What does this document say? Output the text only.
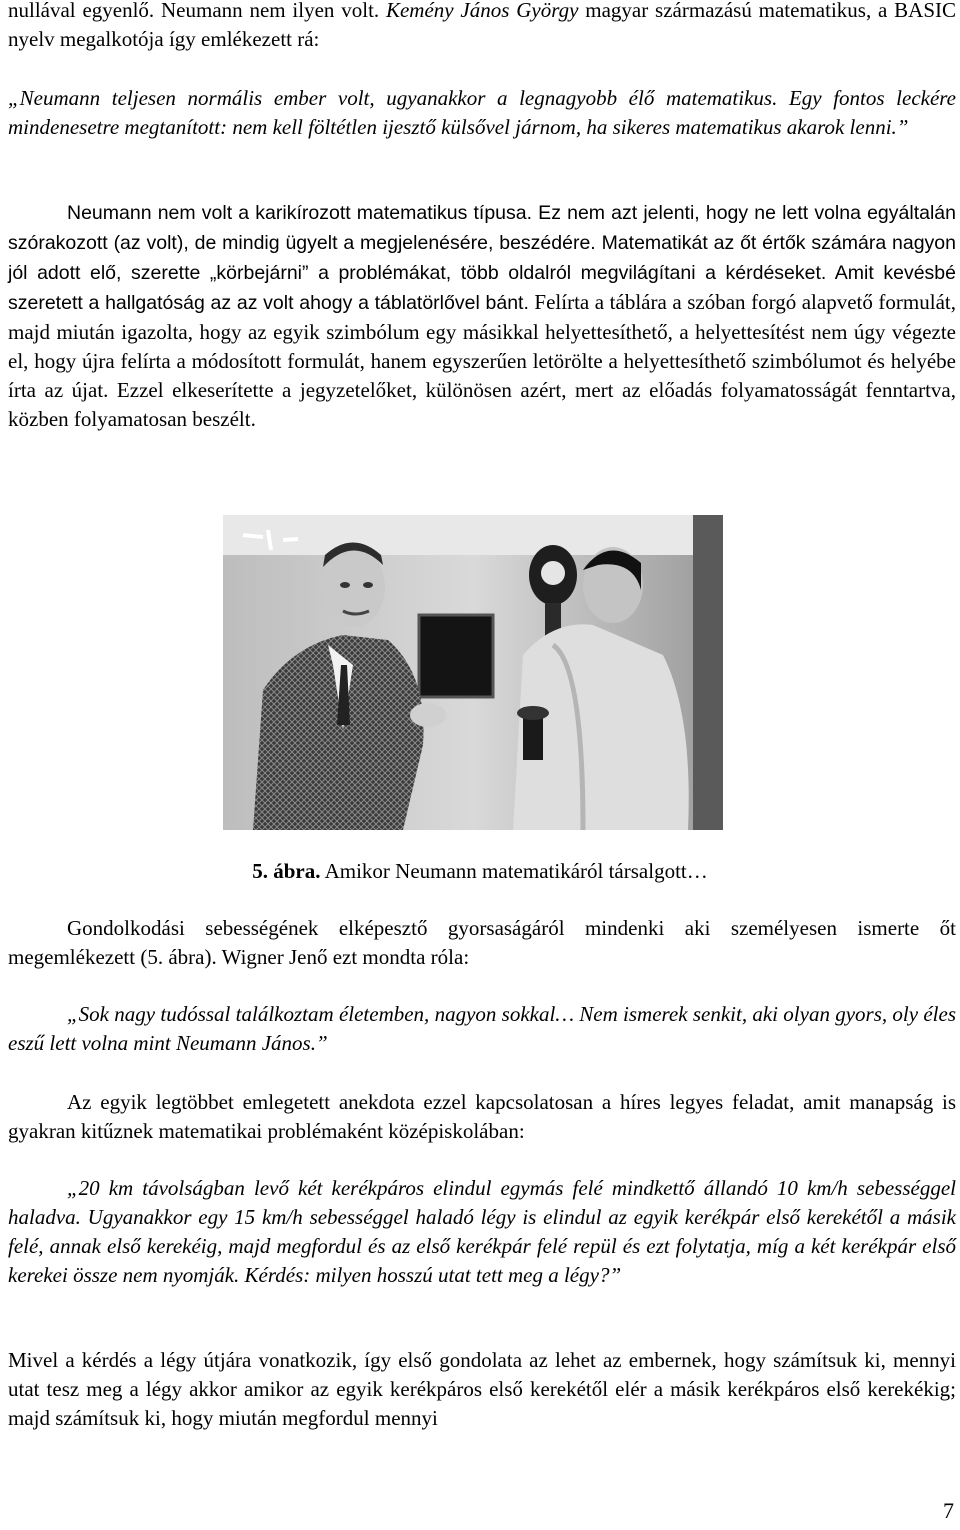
nullával egyenlő. Neumann nem ilyen volt. Kemény János György magyar származású matematikus, a BASIC nyelv megalkotója így emlékezett rá:

„Neumann teljesen normális ember volt, ugyanakkor a legnagyobb élő matematikus. Egy fontos leckére mindenesetre megtanított: nem kell föltétlen ijesztő külsővel járnom, ha sikeres matematikus akarok lenni.”

Neumann nem volt a karikírozott matematikus típusa. Ez nem azt jelenti, hogy ne lett volna egyáltalán szórakozott (az volt), de mindig ügyelt a megjelenésére, beszédére. Matematikát az őt értők számára nagyon jól adott elő, szerette „körbejárni” a problémákat, több oldalról megvilágítani a kérdéseket. Amit kevésbé szeretett a hallgatóság az az volt ahogy a táblatörlővel bánt. Felírta a táblára a szóban forgó alapvető formulát, majd miután igazolta, hogy az egyik szimbólum egy másikkal helyettesíthető, a helyettesítést nem úgy végezte el, hogy újra felírta a módosított formulát, hanem egyszerűen letörölte a helyettesíthető szimbólumot és helyébe írta az újat. Ezzel elkeserítette a jegyzetelőket, különösen azért, mert az előadás folyamatosságát fenntartva, közben folyamatosan beszélt.

5. ábra. Amikor Neumann matematikáról társalgott…

Gondolkodási sebességének elképesztő gyorsaságáról mindenki aki személyesen ismerte őt megemlékezett (5. ábra). Wigner Jenő ezt mondta róla:

„Sok nagy tudóssal találkoztam életemben, nagyon sokkal… Nem ismerek senkit, aki olyan gyors, oly éles eszű lett volna mint Neumann János.”

Az egyik legtöbbet emlegetett anekdota ezzel kapcsolatosan a híres legyes feladat, amit manapság is gyakran kitűznek matematikai problémaként középiskolában:

„20 km távolságban levő két kerékpáros elindul egymás felé mindkettő állandó 10 km/h sebességgel haladva. Ugyanakkor egy 15 km/h sebességgel haladó légy is elindul az egyik kerékpár első kerekétől a másik felé, annak első kerekéig, majd megfordul és az első kerékpár felé repül és ezt folytatja, míg a két kerékpár első kerekei össze nem nyomják. Kérdés: milyen hosszú utat tett meg a légy?”

Mivel a kérdés a légy útjára vonatkozik, így első gondolata az lehet az embernek, hogy számítsuk ki, mennyi utat tesz meg a légy akkor amikor az egyik kerékpáros első kerekétől elér a másik kerékpáros első kerekékig; majd számítsuk ki, hogy miután megfordul mennyi

7
